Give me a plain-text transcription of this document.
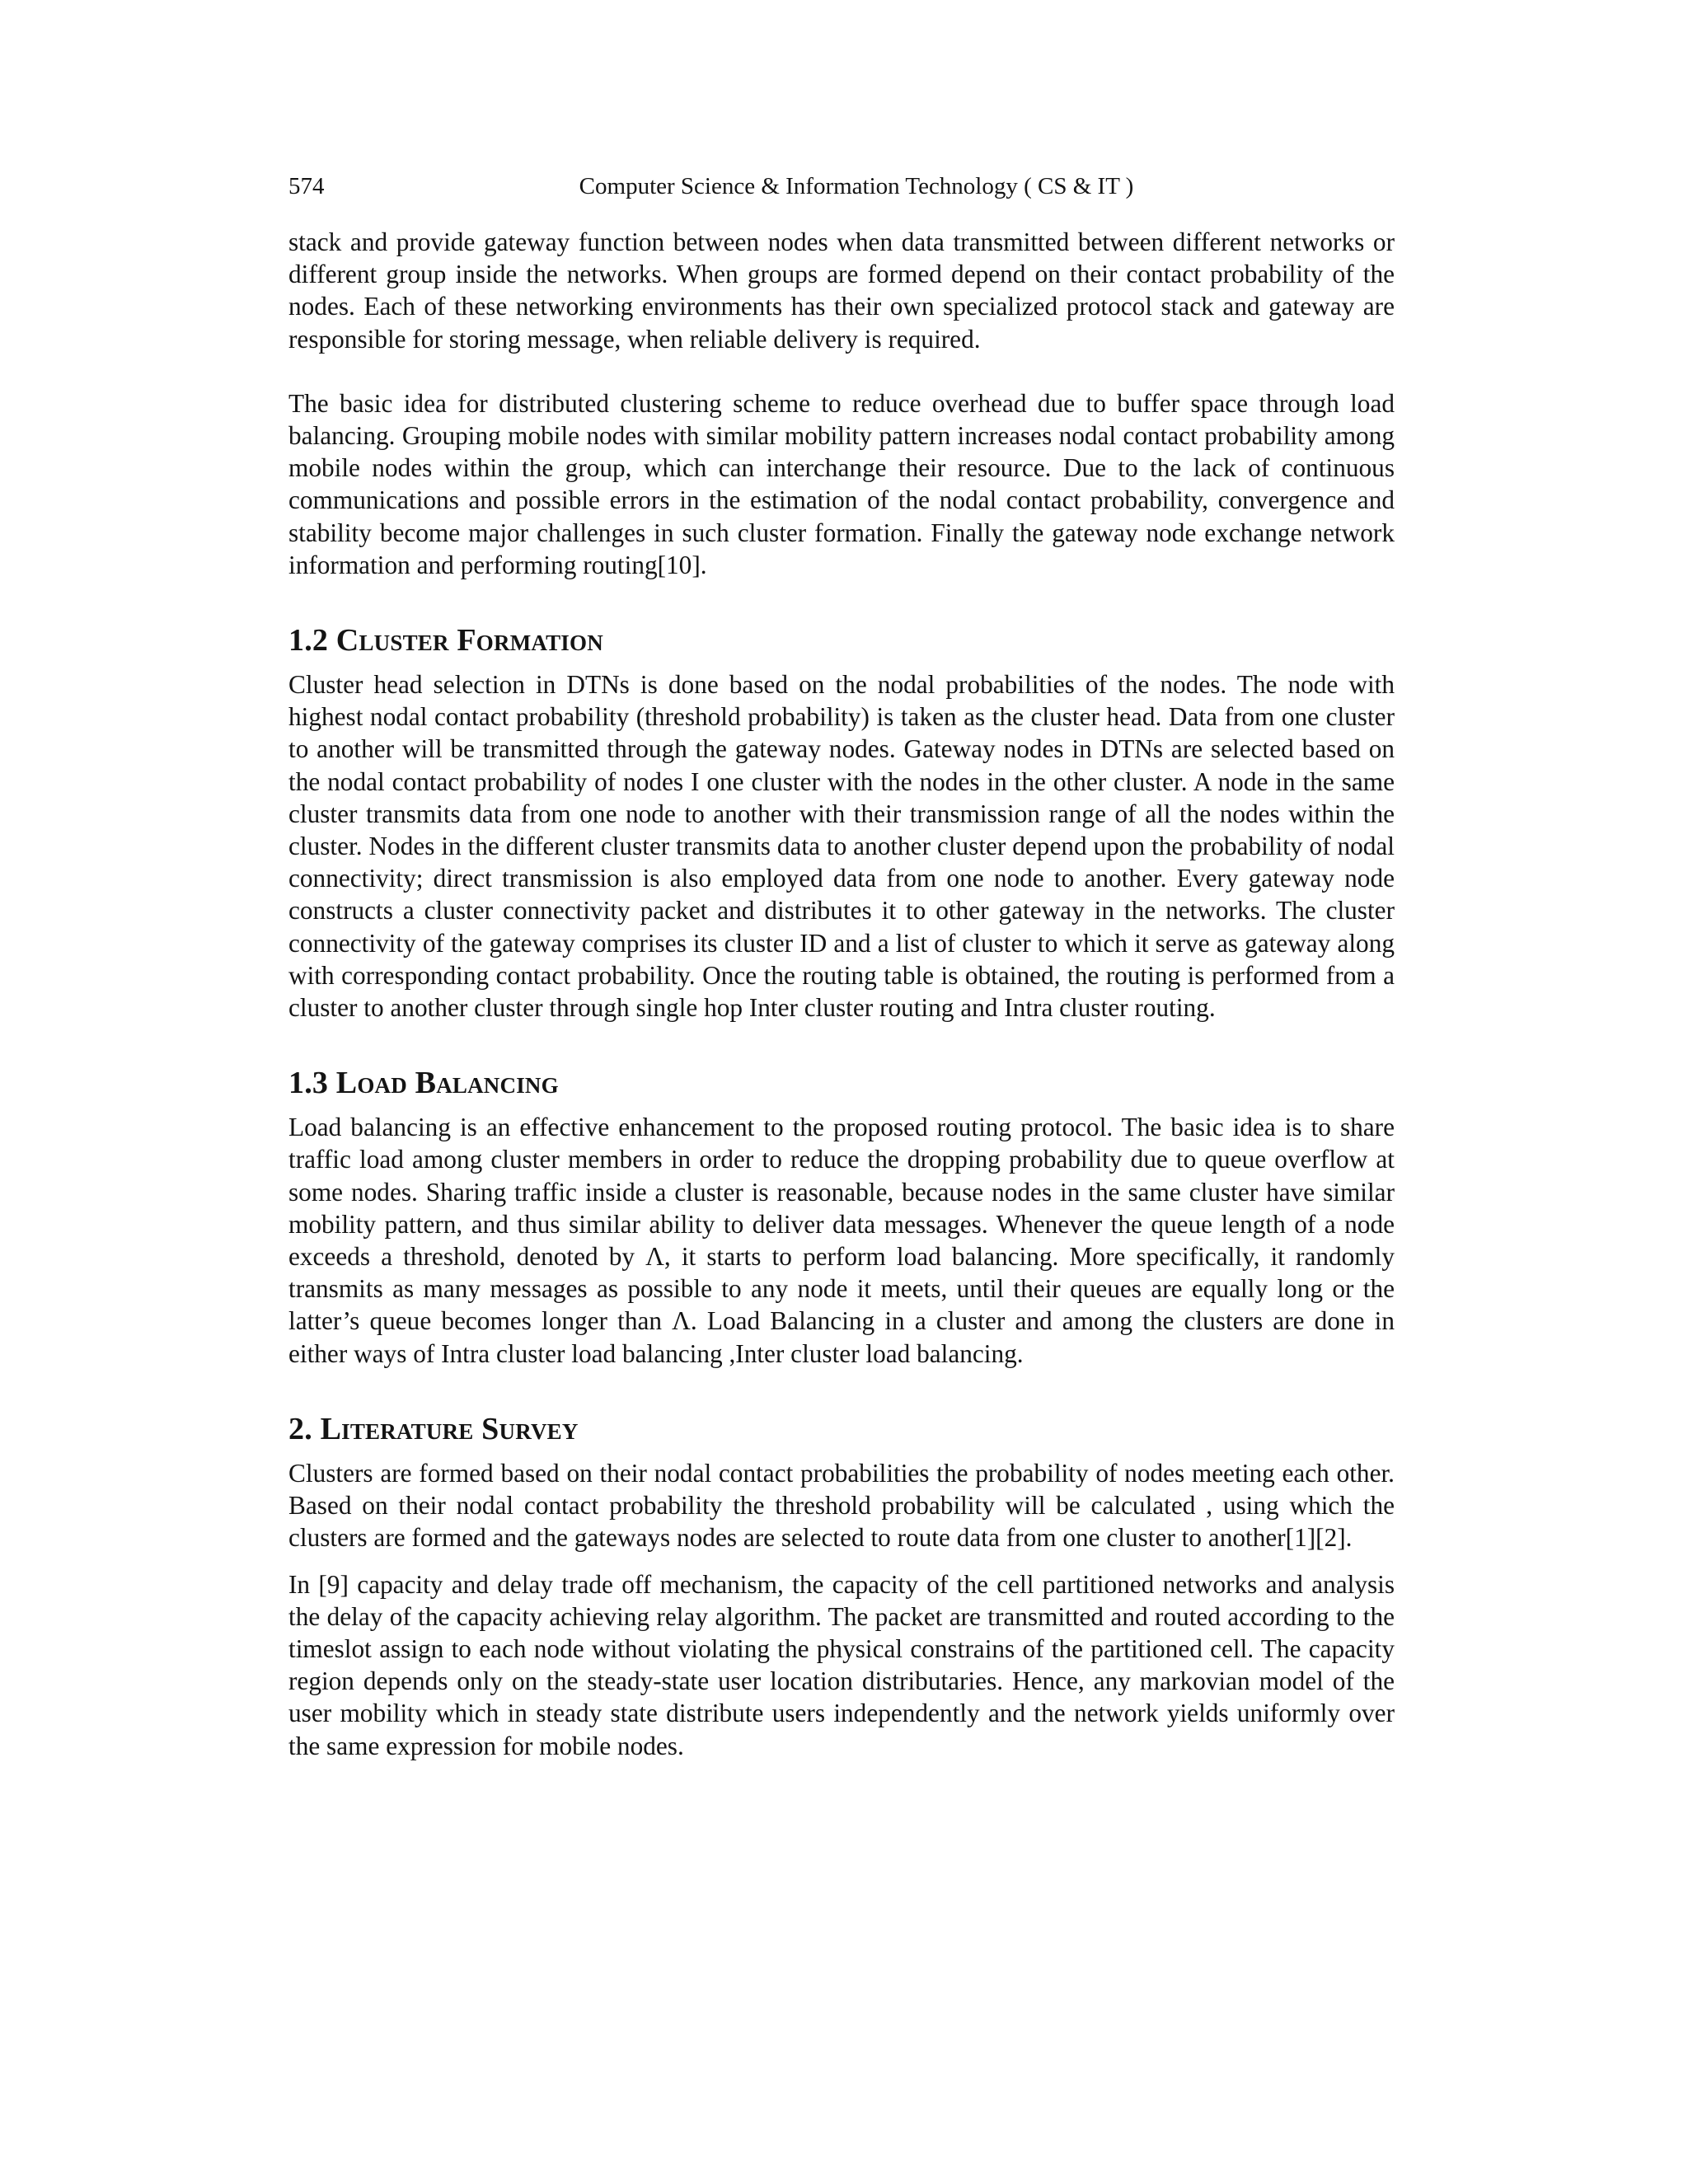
574	Computer Science & Information Technology ( CS & IT )

stack and provide gateway function between nodes when data transmitted between different networks or different group inside the networks. When groups are formed depend on their contact probability of the nodes. Each of these networking environments has their own specialized protocol stack and gateway are responsible for storing message, when reliable delivery is required.

The basic idea for distributed clustering scheme to reduce overhead due to buffer space through load balancing. Grouping mobile nodes with similar mobility pattern increases nodal contact probability among mobile nodes within the group, which can interchange their resource. Due to the lack of continuous communications and possible errors in the estimation of the nodal contact probability, convergence and stability become major challenges in such cluster formation. Finally the gateway node exchange network information and performing routing[10].

1.2 Cluster Formation

Cluster head selection in DTNs is done based on the nodal probabilities of the nodes. The node with highest nodal contact probability (threshold probability) is taken as the cluster head. Data from one cluster to another will be transmitted through the gateway nodes. Gateway nodes in DTNs are selected based on the nodal contact probability of nodes I one cluster with the nodes in the other cluster. A node in the same cluster transmits data from one node to another with their transmission range of all the nodes within the cluster. Nodes in the different cluster transmits data to another cluster depend upon the probability of nodal connectivity; direct transmission is also employed data from one node to another. Every gateway node constructs a cluster connectivity packet and distributes it to other gateway in the networks. The cluster connectivity of the gateway comprises its cluster ID and a list of cluster to which it serve as gateway along with corresponding contact probability. Once the routing table is obtained, the routing is performed from a cluster to another cluster through single hop Inter cluster routing and Intra cluster routing.

1.3 Load Balancing

Load balancing is an effective enhancement to the proposed routing protocol. The basic idea is to share traffic load among cluster members in order to reduce the dropping probability due to queue overflow at some nodes. Sharing traffic inside a cluster is reasonable, because nodes in the same cluster have similar mobility pattern, and thus similar ability to deliver data messages. Whenever the queue length of a node exceeds a threshold, denoted by Λ, it starts to perform load balancing. More specifically, it randomly transmits as many messages as possible to any node it meets, until their queues are equally long or the latter’s queue becomes longer than Λ. Load Balancing in a cluster and among the clusters are done in either ways of Intra cluster load balancing ,Inter cluster load balancing.

2. Literature Survey

Clusters are formed based on their nodal contact probabilities the probability of nodes meeting each other. Based on their nodal contact probability the threshold probability will be calculated , using which the clusters are formed and the gateways nodes are selected to route data from one cluster to another[1][2].

In [9] capacity and delay trade off mechanism, the capacity of the cell partitioned networks and analysis the delay of the capacity achieving relay algorithm. The packet are transmitted and routed according to the timeslot assign to each node without violating the physical constrains of the partitioned cell. The capacity region depends only on the steady-state user location distributaries. Hence, any markovian model of the user mobility which in steady state distribute users independently and the network yields uniformly over the same expression for mobile nodes.
